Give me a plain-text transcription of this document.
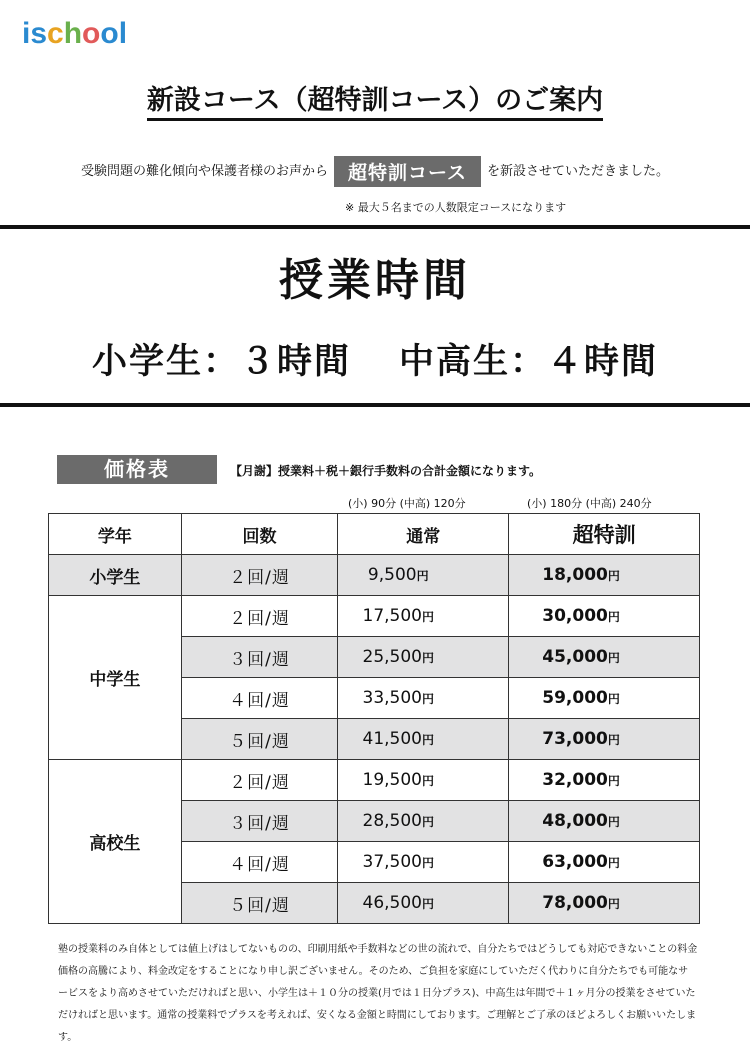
ischool
新設コース（超特訓コース）のご案内
受験問題の難化傾向や保護者様のお声から 超特訓コース を新設させていただきました。
※ 最大５名までの人数限定コースになります
授業時間
小学生：３時間 中高生：４時間
価格表	【月謝】授業料＋税＋銀行手数料の合計金額になります。
(小) 90分 (中高) 120分	(小) 180分 (中高) 240分
学年	回数	通常	超特訓
小学生	２回/週	9,500円	18,000円
中学生	２回/週	17,500円	30,000円
	３回/週	25,500円	45,000円
	４回/週	33,500円	59,000円
	５回/週	41,500円	73,000円
高校生	２回/週	19,500円	32,000円
	３回/週	28,500円	48,000円
	４回/週	37,500円	63,000円
	５回/週	46,500円	78,000円
塾の授業料のみ自体としては値上げはしてないものの、印刷用紙や手数料などの世の流れで、自分たちではどうしても対応できないことの料金価格の高騰により、料金改定をすることになり申し訳ございません。そのため、ご負担を家庭にしていただく代わりに自分たちでも可能なサービスをより高めさせていただければと思い、小学生は＋１０分の授業(月では１日分プラス)、中高生は年間で＋１ヶ月分の授業をさせていただければと思います。通常の授業料でプラスを考えれば、安くなる金額と時間にしております。ご理解とご了承のほどよろしくお願いいたします。
